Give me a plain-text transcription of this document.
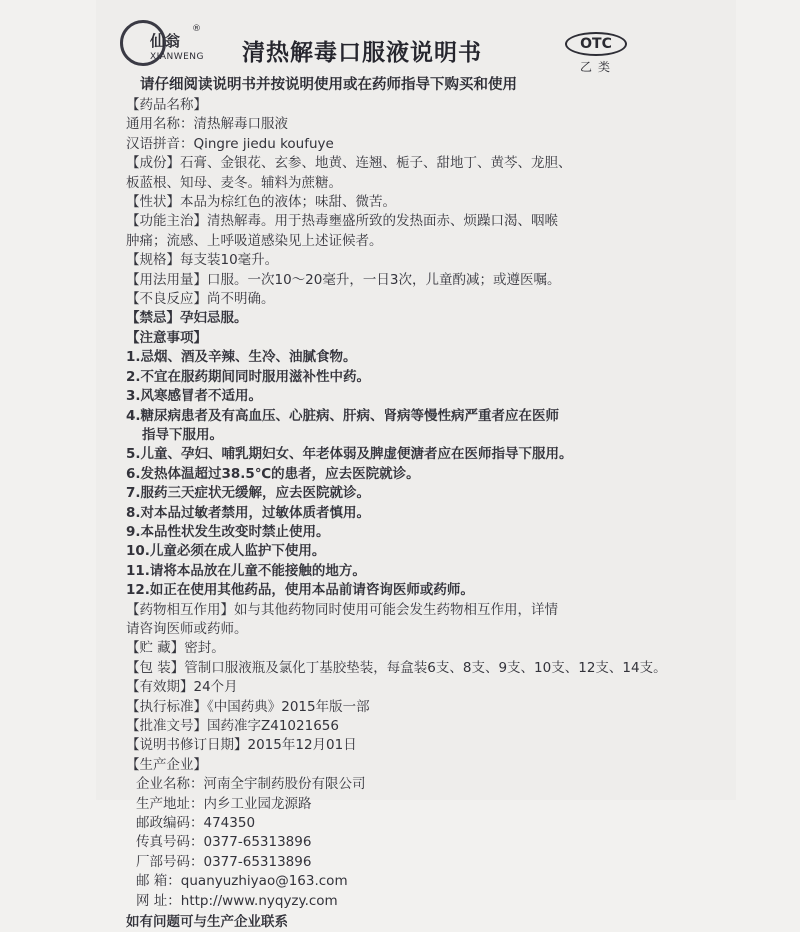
仙翁
XIANWENG
®
清热解毒口服液说明书	OTC
乙类
请仔细阅读说明书并按说明使用或在药师指导下购买和使用
【药品名称】
通用名称：清热解毒口服液
汉语拼音：Qingre jiedu koufuye
【成份】石膏、金银花、玄参、地黄、连翘、栀子、甜地丁、黄芩、龙胆、
板蓝根、知母、麦冬。辅料为蔗糖。
【性状】本品为棕红色的液体；味甜、微苦。
【功能主治】清热解毒。用于热毒壅盛所致的发热面赤、烦躁口渴、咽喉
肿痛；流感、上呼吸道感染见上述证候者。
【规格】每支装10毫升。
【用法用量】口服。一次10～20毫升，一日3次，儿童酌减；或遵医嘱。
【不良反应】尚不明确。
【禁忌】孕妇忌服。
【注意事项】
1.忌烟、酒及辛辣、生冷、油腻食物。
2.不宜在服药期间同时服用滋补性中药。
3.风寒感冒者不适用。
4.糖尿病患者及有高血压、心脏病、肝病、肾病等慢性病严重者应在医师
指导下服用。
5.儿童、孕妇、哺乳期妇女、年老体弱及脾虚便溏者应在医师指导下服用。
6.发热体温超过38.5℃的患者，应去医院就诊。
7.服药三天症状无缓解，应去医院就诊。
8.对本品过敏者禁用，过敏体质者慎用。
9.本品性状发生改变时禁止使用。
10.儿童必须在成人监护下使用。
11.请将本品放在儿童不能接触的地方。
12.如正在使用其他药品，使用本品前请咨询医师或药师。
【药物相互作用】如与其他药物同时使用可能会发生药物相互作用，详情
请咨询医师或药师。
【贮 藏】密封。
【包 装】管制口服液瓶及氯化丁基胶垫装，每盒装6支、8支、9支、10支、12支、14支。
【有效期】24个月
【执行标准】《中国药典》2015年版一部
【批准文号】国药准字Z41021656
【说明书修订日期】2015年12月01日
【生产企业】
企业名称：河南全宇制药股份有限公司
生产地址：内乡工业园龙源路
邮政编码：474350
传真号码：0377-65313896
厂部号码：0377-65313896
邮 箱：quanyuzhiyao@163.com
网 址：http://www.nyqyzy.com
如有问题可与生产企业联系
